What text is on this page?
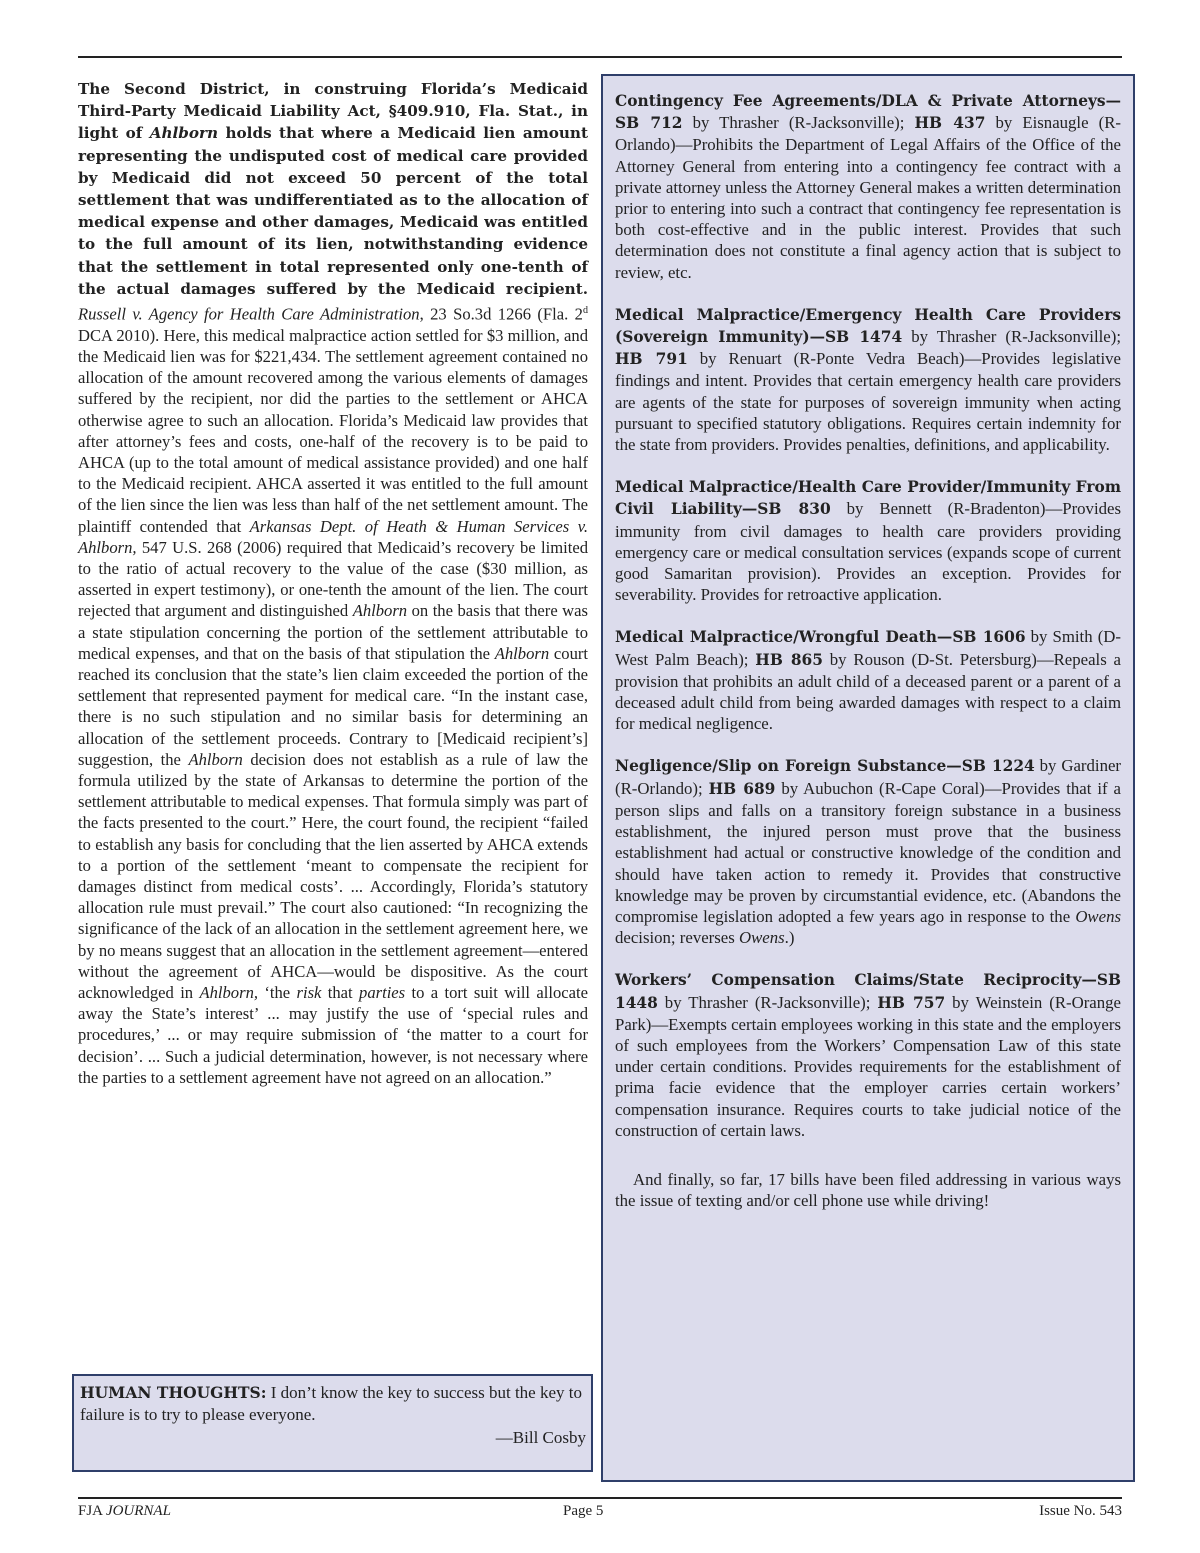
The Second District, in construing Florida’s Medicaid Third-Party Medicaid Liability Act, §409.910, Fla. Stat., in light of Ahlborn holds that where a Medicaid lien amount representing the undisputed cost of medical care provided by Medicaid did not exceed 50 percent of the total settlement that was undifferentiated as to the allocation of medical expense and other damages, Medicaid was entitled to the full amount of its lien, notwithstanding evidence that the settlement in total represented only one-tenth of the actual damages suffered by the Medicaid recipient. Russell v. Agency for Health Care Administration, 23 So.3d 1266 (Fla. 2$^d$ DCA 2010). Here, this medical malpractice action settled for $3 million, and the Medicaid lien was for $221,434. The settlement agreement contained no allocation of the amount recovered among the various elements of damages suffered by the recipient, nor did the parties to the settlement or AHCA otherwise agree to such an allocation. Florida’s Medicaid law provides that after attorney’s fees and costs, one-half of the recovery is to be paid to AHCA (up to the total amount of medical assistance provided) and one half to the Medicaid recipient. AHCA asserted it was entitled to the full amount of the lien since the lien was less than half of the net settlement amount. The plaintiff contended that Arkansas Dept. of Heath & Human Services v. Ahlborn, 547 U.S. 268 (2006) required that Medicaid’s recovery be limited to the ratio of actual recovery to the value of the case ($30 million, as asserted in expert testimony), or one-tenth the amount of the lien. The court rejected that argument and distinguished Ahlborn on the basis that there was a state stipulation concerning the portion of the settlement attributable to medical expenses, and that on the basis of that stipulation the Ahlborn court reached its conclusion that the state’s lien claim exceeded the portion of the settlement that represented payment for medical care. “In the instant case, there is no such stipulation and no similar basis for determining an allocation of the settlement proceeds. Contrary to [Medicaid recipient’s] suggestion, the Ahlborn decision does not establish as a rule of law the formula utilized by the state of Arkansas to determine the portion of the settlement attributable to medical expenses. That formula simply was part of the facts presented to the court.” Here, the court found, the recipient “failed to establish any basis for concluding that the lien asserted by AHCA extends to a portion of the settlement ‘meant to compensate the recipient for damages distinct from medical costs’. ... Accordingly, Florida’s statutory allocation rule must prevail.” The court also cautioned: “In recognizing the significance of the lack of an allocation in the settlement agreement here, we by no means suggest that an allocation in the settlement agreement—entered without the agreement of AHCA—would be dispositive. As the court acknowledged in Ahlborn, ‘the risk that parties to a tort suit will allocate away the State’s interest’ ... may justify the use of ‘special rules and procedures,’ ... or may require submission of ‘the matter to a court for decision’. ... Such a judicial determination, however, is not necessary where the parties to a settlement agreement have not agreed on an allocation.”
HUMAN THOUGHTS: I don’t know the key to success but the key to failure is to try to please everyone.
—Bill Cosby

Contingency Fee Agreements/DLA & Private Attorneys—SB 712 by Thrasher (R-Jacksonville); HB 437 by Eisnaugle (R-Orlando)—Prohibits the Department of Legal Affairs of the Office of the Attorney General from entering into a contingency fee contract with a private attorney unless the Attorney General makes a written determination prior to entering into such a contract that contingency fee representation is both cost-effective and in the public interest. Provides that such determination does not constitute a final agency action that is subject to review, etc.

Medical Malpractice/Emergency Health Care Providers (Sovereign Immunity)—SB 1474 by Thrasher (R-Jacksonville); HB 791 by Renuart (R-Ponte Vedra Beach)—Provides legislative findings and intent. Provides that certain emergency health care providers are agents of the state for purposes of sovereign immunity when acting pursuant to specified statutory obligations. Requires certain indemnity for the state from providers. Provides penalties, definitions, and applicability.

Medical Malpractice/Health Care Provider/Immunity From Civil Liability—SB 830 by Bennett (R-Bradenton)—Provides immunity from civil damages to health care providers providing emergency care or medical consultation services (expands scope of current good Samaritan provision). Provides an exception. Provides for severability. Provides for retroactive application.

Medical Malpractice/Wrongful Death—SB 1606 by Smith (D-West Palm Beach); HB 865 by Rouson (D-St. Petersburg)—Repeals a provision that prohibits an adult child of a deceased parent or a parent of a deceased adult child from being awarded damages with respect to a claim for medical negligence.

Negligence/Slip on Foreign Substance—SB 1224 by Gardiner (R-Orlando); HB 689 by Aubuchon (R-Cape Coral)—Provides that if a person slips and falls on a transitory foreign substance in a business establishment, the injured person must prove that the business establishment had actual or constructive knowledge of the condition and should have taken action to remedy it. Provides that constructive knowledge may be proven by circumstantial evidence, etc. (Abandons the compromise legislation adopted a few years ago in response to the Owens decision; reverses Owens.)

Workers’ Compensation Claims/State Reciprocity—SB 1448 by Thrasher (R-Jacksonville); HB 757 by Weinstein (R-Orange Park)—Exempts certain employees working in this state and the employers of such employees from the Workers’ Compensation Law of this state under certain conditions. Provides requirements for the establishment of prima facie evidence that the employer carries certain workers’ compensation insurance. Requires courts to take judicial notice of the construction of certain laws.

And finally, so far, 17 bills have been filed addressing in various ways the issue of texting and/or cell phone use while driving!

FJA JOURNAL	Page 5	Issue No. 543
